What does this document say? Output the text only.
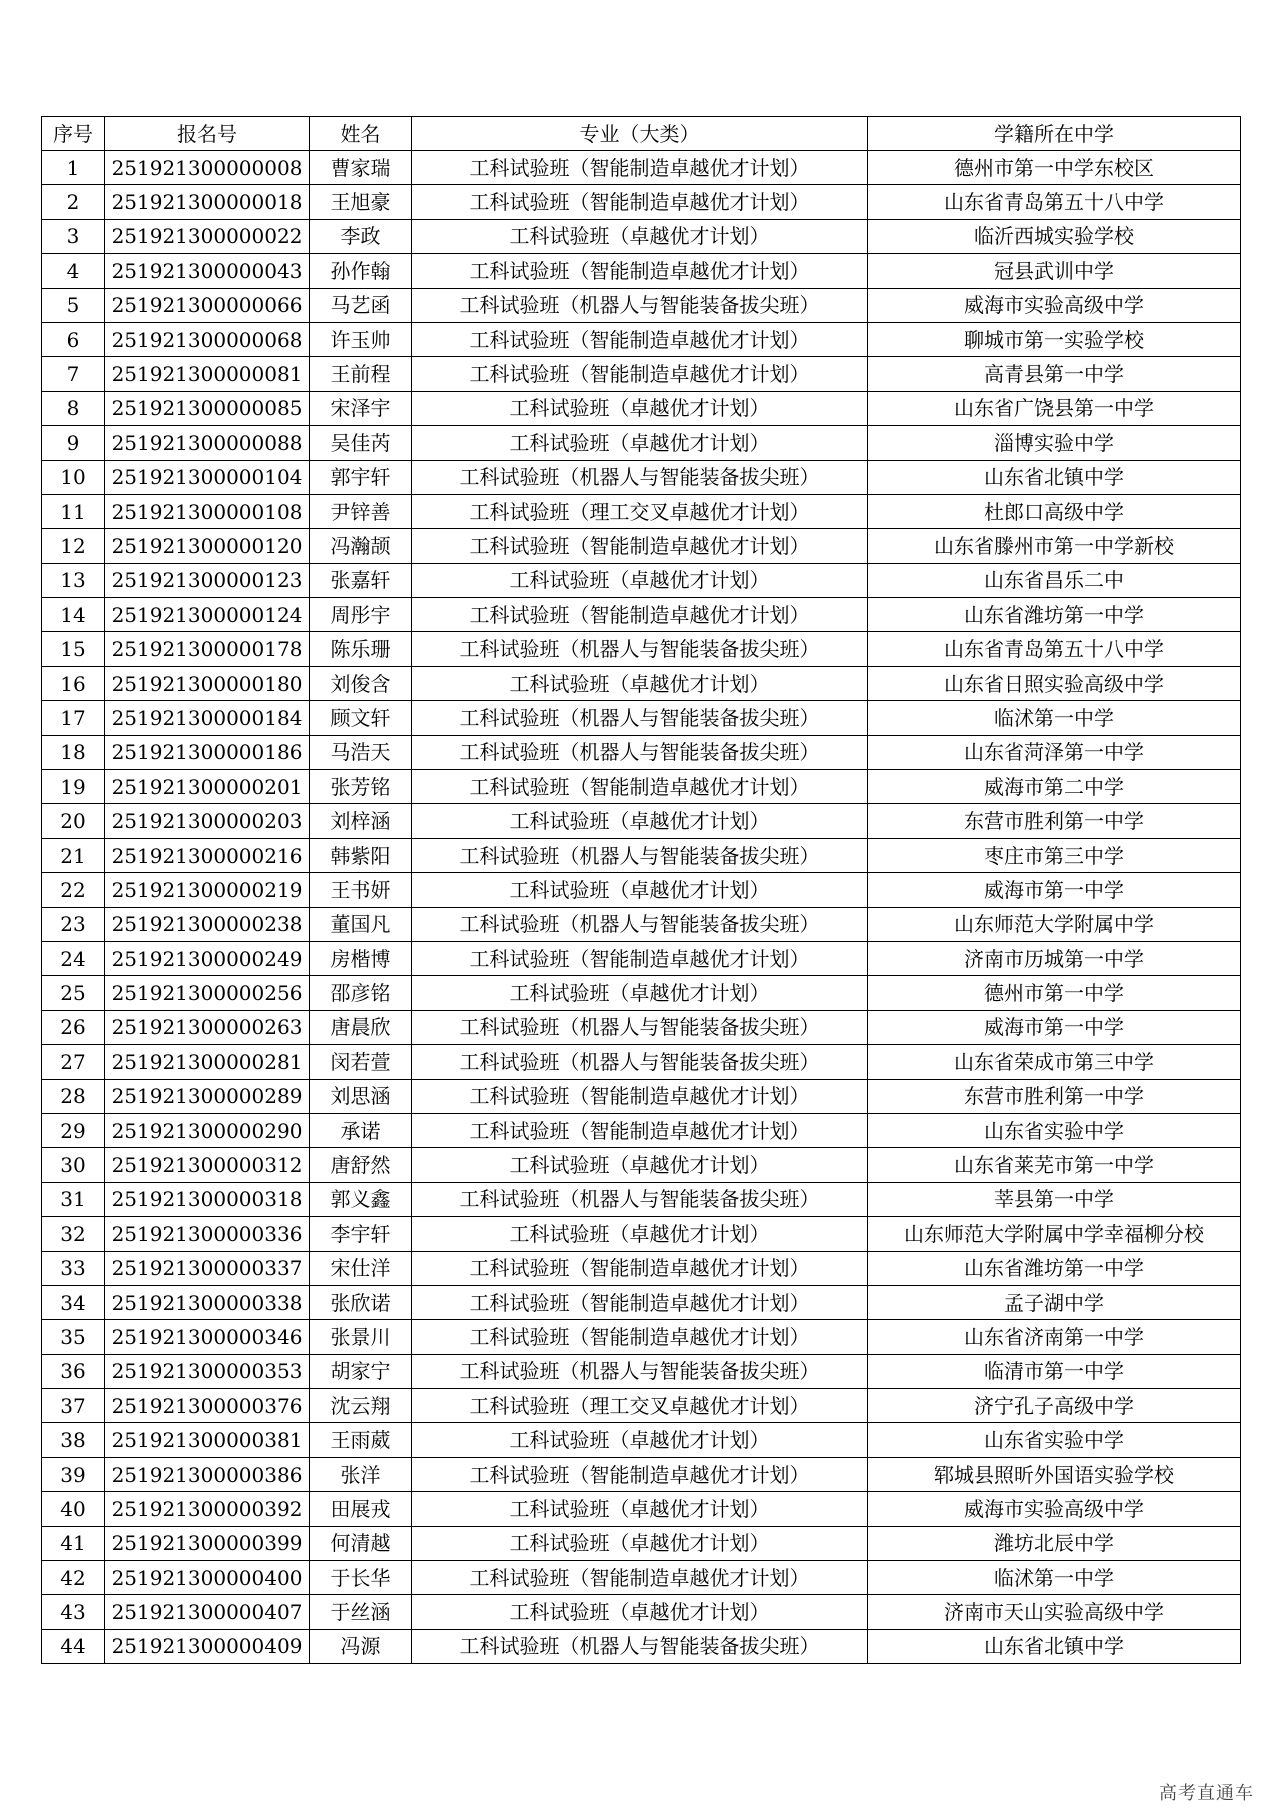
序号	报名号	姓名	专业（大类）	学籍所在中学
1	251921300000008	曹家瑞	工科试验班（智能制造卓越优才计划）	德州市第一中学东校区
2	251921300000018	王旭豪	工科试验班（智能制造卓越优才计划）	山东省青岛第五十八中学
3	251921300000022	李政	工科试验班（卓越优才计划）	临沂西城实验学校
4	251921300000043	孙作翰	工科试验班（智能制造卓越优才计划）	冠县武训中学
5	251921300000066	马艺函	工科试验班（机器人与智能装备拔尖班）	威海市实验高级中学
6	251921300000068	许玉帅	工科试验班（智能制造卓越优才计划）	聊城市第一实验学校
7	251921300000081	王前程	工科试验班（智能制造卓越优才计划）	高青县第一中学
8	251921300000085	宋泽宇	工科试验班（卓越优才计划）	山东省广饶县第一中学
9	251921300000088	吴佳芮	工科试验班（卓越优才计划）	淄博实验中学
10	251921300000104	郭宇轩	工科试验班（机器人与智能装备拔尖班）	山东省北镇中学
11	251921300000108	尹锌善	工科试验班（理工交叉卓越优才计划）	杜郎口高级中学
12	251921300000120	冯瀚颉	工科试验班（智能制造卓越优才计划）	山东省滕州市第一中学新校
13	251921300000123	张嘉轩	工科试验班（卓越优才计划）	山东省昌乐二中
14	251921300000124	周彤宇	工科试验班（智能制造卓越优才计划）	山东省潍坊第一中学
15	251921300000178	陈乐珊	工科试验班（机器人与智能装备拔尖班）	山东省青岛第五十八中学
16	251921300000180	刘俊含	工科试验班（卓越优才计划）	山东省日照实验高级中学
17	251921300000184	顾文轩	工科试验班（机器人与智能装备拔尖班）	临沭第一中学
18	251921300000186	马浩天	工科试验班（机器人与智能装备拔尖班）	山东省菏泽第一中学
19	251921300000201	张芳铭	工科试验班（智能制造卓越优才计划）	威海市第二中学
20	251921300000203	刘梓涵	工科试验班（卓越优才计划）	东营市胜利第一中学
21	251921300000216	韩紫阳	工科试验班（机器人与智能装备拔尖班）	枣庄市第三中学
22	251921300000219	王书妍	工科试验班（卓越优才计划）	威海市第一中学
23	251921300000238	董国凡	工科试验班（机器人与智能装备拔尖班）	山东师范大学附属中学
24	251921300000249	房楷博	工科试验班（智能制造卓越优才计划）	济南市历城第一中学
25	251921300000256	邵彦铭	工科试验班（卓越优才计划）	德州市第一中学
26	251921300000263	唐晨欣	工科试验班（机器人与智能装备拔尖班）	威海市第一中学
27	251921300000281	闵若萱	工科试验班（机器人与智能装备拔尖班）	山东省荣成市第三中学
28	251921300000289	刘思涵	工科试验班（智能制造卓越优才计划）	东营市胜利第一中学
29	251921300000290	承诺	工科试验班（智能制造卓越优才计划）	山东省实验中学
30	251921300000312	唐舒然	工科试验班（卓越优才计划）	山东省莱芜市第一中学
31	251921300000318	郭义鑫	工科试验班（机器人与智能装备拔尖班）	莘县第一中学
32	251921300000336	李宇轩	工科试验班（卓越优才计划）	山东师范大学附属中学幸福柳分校
33	251921300000337	宋仕洋	工科试验班（智能制造卓越优才计划）	山东省潍坊第一中学
34	251921300000338	张欣诺	工科试验班（智能制造卓越优才计划）	孟子湖中学
35	251921300000346	张景川	工科试验班（智能制造卓越优才计划）	山东省济南第一中学
36	251921300000353	胡家宁	工科试验班（机器人与智能装备拔尖班）	临清市第一中学
37	251921300000376	沈云翔	工科试验班（理工交叉卓越优才计划）	济宁孔子高级中学
38	251921300000381	王雨葳	工科试验班（卓越优才计划）	山东省实验中学
39	251921300000386	张洋	工科试验班（智能制造卓越优才计划）	郓城县照昕外国语实验学校
40	251921300000392	田展戎	工科试验班（卓越优才计划）	威海市实验高级中学
41	251921300000399	何清越	工科试验班（卓越优才计划）	潍坊北辰中学
42	251921300000400	于长华	工科试验班（智能制造卓越优才计划）	临沭第一中学
43	251921300000407	于丝涵	工科试验班（卓越优才计划）	济南市天山实验高级中学
44	251921300000409	冯源	工科试验班（机器人与智能装备拔尖班）	山东省北镇中学
高考直通车
